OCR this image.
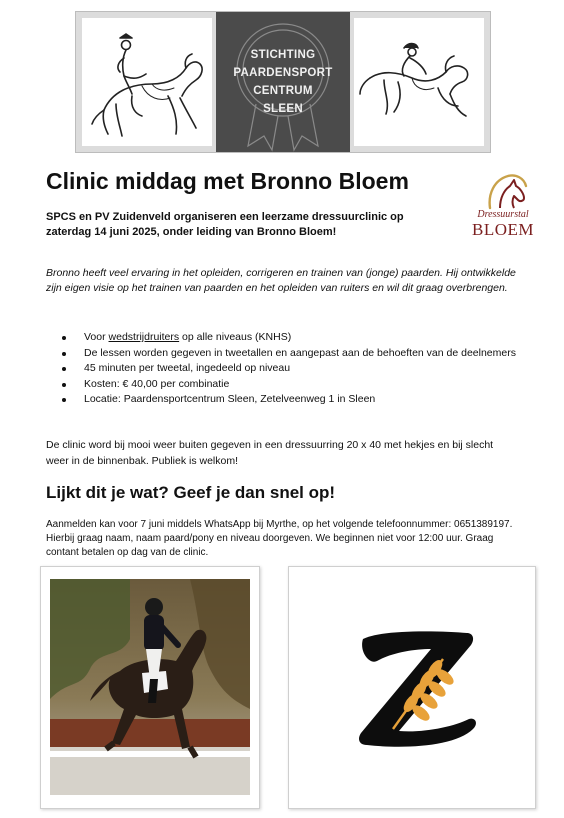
STICHTING
PAARDENSPORT
CENTRUM
SLEEN
Clinic middag met Bronno Bloem
Dressuurstal
BLOEM

SPCS en PV Zuidenveld organiseren een leerzame dressuurclinic op zaterdag 14 juni 2025, onder leiding van Bronno Bloem!

Bronno heeft veel ervaring in het opleiden, corrigeren en trainen van (jonge) paarden. Hij ontwikkelde zijn eigen visie op het trainen van paarden en het opleiden van ruiters en wil dit graag overbrengen.

Voor wedstrijdruiters op alle niveaus (KNHS)
De lessen worden gegeven in tweetallen en aangepast aan de behoeften van de deelnemers
45 minuten per tweetal, ingedeeld op niveau
Kosten: € 40,00 per combinatie
Locatie: Paardensportcentrum Sleen, Zetelveenweg 1 in Sleen

De clinic word bij mooi weer buiten gegeven in een dressuurring 20 x 40 met hekjes en bij slecht weer in de binnenbak. Publiek is welkom!

Lijkt dit je wat? Geef je dan snel op!

Aanmelden kan voor 7 juni middels WhatsApp bij Myrthe, op het volgende telefoonnummer: 0651389197. Hierbij graag naam, naam paard/pony en niveau doorgeven. We beginnen niet voor 12:00 uur. Graag contant betalen op dag van de clinic.
